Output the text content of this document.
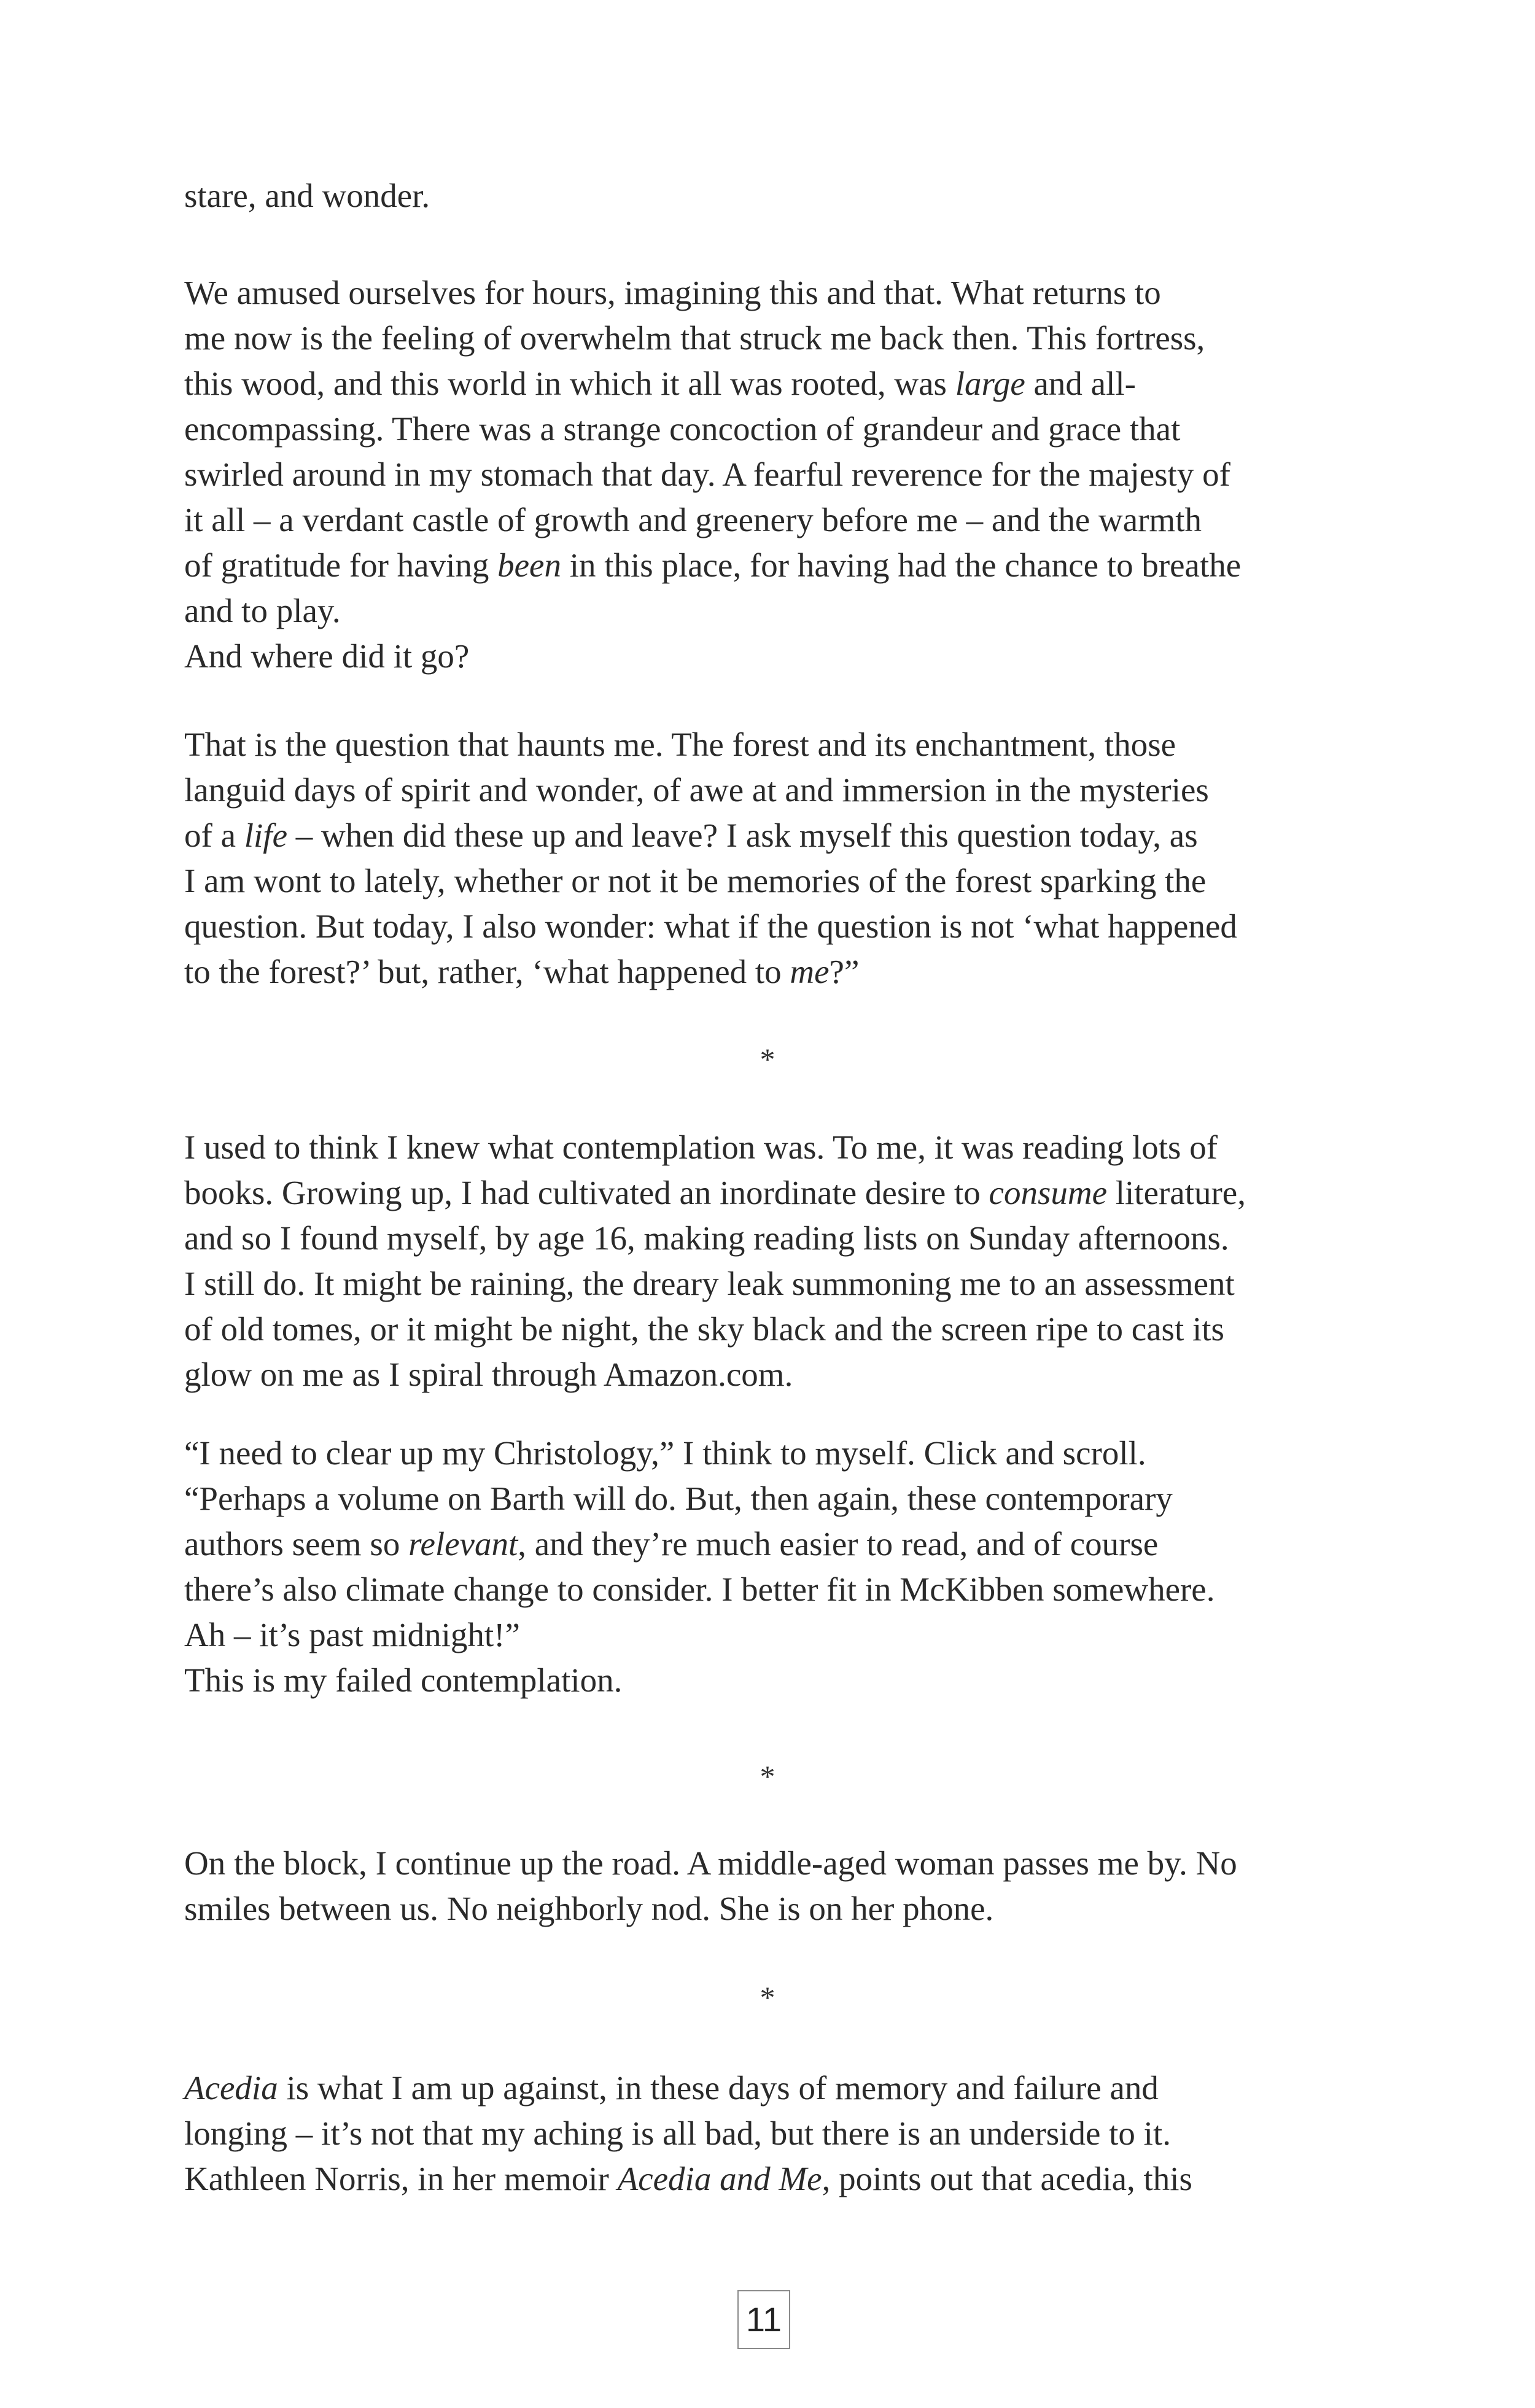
stare, and wonder.
We amused ourselves for hours, imagining this and that. What returns to
me now is the feeling of overwhelm that struck me back then. This fortress,
this wood, and this world in which it all was rooted, was large and all-
encompassing. There was a strange concoction of grandeur and grace that
swirled around in my stomach that day. A fearful reverence for the majesty of
it all – a verdant castle of growth and greenery before me – and the warmth
of gratitude for having been in this place, for having had the chance to breathe
and to play.
And where did it go?
That is the question that haunts me. The forest and its enchantment, those
languid days of spirit and wonder, of awe at and immersion in the mysteries
of a life – when did these up and leave? I ask myself this question today, as
I am wont to lately, whether or not it be memories of the forest sparking the
question. But today, I also wonder: what if the question is not ‘what happened
to the forest?’ but, rather, ‘what happened to me?”
*
I used to think I knew what contemplation was. To me, it was reading lots of
books. Growing up, I had cultivated an inordinate desire to consume literature,
and so I found myself, by age 16, making reading lists on Sunday afternoons.
I still do. It might be raining, the dreary leak summoning me to an assessment
of old tomes, or it might be night, the sky black and the screen ripe to cast its
glow on me as I spiral through Amazon.com.
“I need to clear up my Christology,” I think to myself. Click and scroll.
“Perhaps a volume on Barth will do. But, then again, these contemporary
authors seem so relevant, and they’re much easier to read, and of course
there’s also climate change to consider. I better fit in McKibben somewhere.
Ah – it’s past midnight!”
This is my failed contemplation.
*
On the block, I continue up the road. A middle-aged woman passes me by. No
smiles between us. No neighborly nod. She is on her phone.
*
Acedia is what I am up against, in these days of memory and failure and
longing – it’s not that my aching is all bad, but there is an underside to it.
Kathleen Norris, in her memoir Acedia and Me, points out that acedia, this
11
